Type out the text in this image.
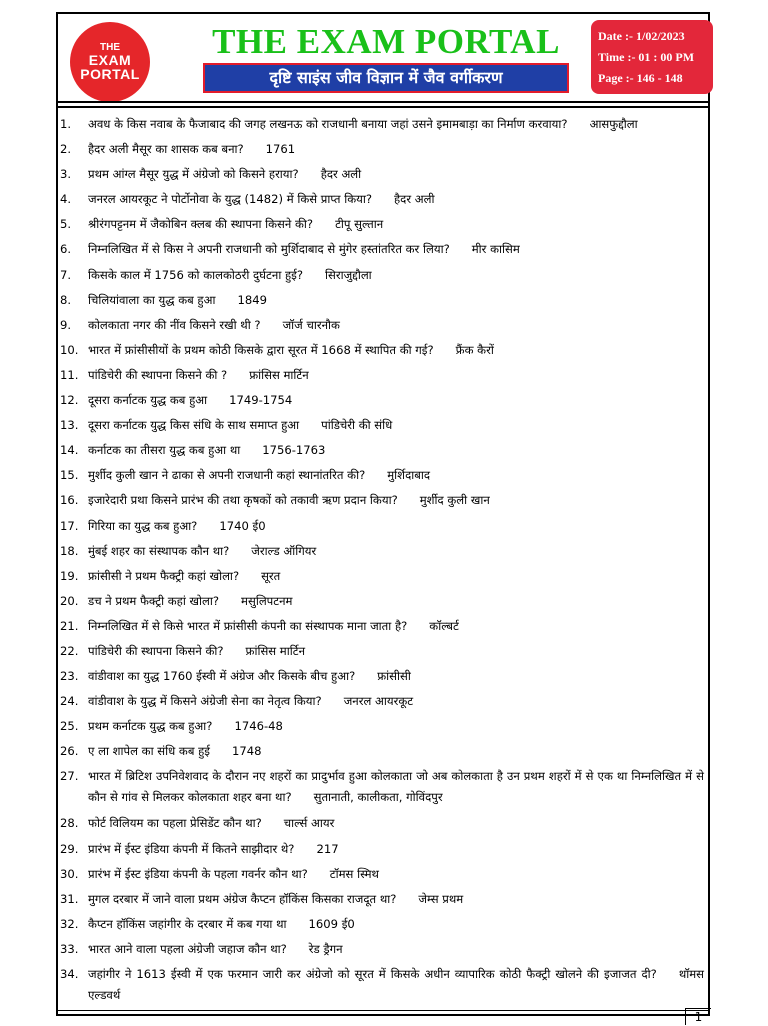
THE
EXAM
PORTAL
THE EXAM PORTAL
दृष्टि साइंस जीव विज्ञान में जैव वर्गीकरण
Date :- 1/02/2023
Time :- 01 : 00 PM
Page :- 146 - 148
1.	अवध के किस नवाब के फैजाबाद की जगह लखनऊ को राजधानी बनाया जहां उसने इमामबाड़ा का निर्माण करवाया? आसफुद्दौला
2.	हैदर अली मैसूर का शासक कब बना? 1761
3.	प्रथम आंग्ल मैसूर युद्ध में अंग्रेजो को किसने हराया? हैदर अली
4.	जनरल आयरकूट ने पोर्टोनोवा के युद्ध (1482) में किसे प्राप्त किया? हैदर अली
5.	श्रीरंगपट्टनम में जैकोबिन क्लब की स्थापना किसने की? टीपू सुल्तान
6.	निम्नलिखित में से किस ने अपनी राजधानी को मुर्शिदाबाद से मुंगेर हस्तांतरित कर लिया? मीर कासिम
7.	किसके काल में 1756 को कालकोठरी दुर्घटना हुई? सिराजुद्दौला
8.	चिलियांवाला का युद्ध कब हुआ 1849
9.	कोलकाता नगर की नींव किसने रखी थी ? जॉर्ज चारनौक
10. भारत में फ्रांसीसीयों के प्रथम कोठी किसके द्वारा सूरत में 1668 में स्थापित की गई? फ्रैंक कैरों
11. पांडिचेरी की स्थापना किसने की ? फ्रांसिस मार्टिन
12. दूसरा कर्नाटक युद्ध कब हुआ 1749-1754
13. दूसरा कर्नाटक युद्ध किस संधि के साथ समाप्त हुआ पांडिचेरी की संधि
14. कर्नाटक का तीसरा युद्ध कब हुआ था 1756-1763
15. मुर्शीद कुली खान ने ढाका से अपनी राजधानी कहां स्थानांतरित की? मुर्शिदाबाद
16. इजारेदारी प्रथा किसने प्रारंभ की तथा कृषकों को तकावी ऋण प्रदान किया? मुर्शीद कुली खान
17. गिरिया का युद्ध कब हुआ? 1740 ई0
18. मुंबई शहर का संस्थापक कौन था? जेराल्ड ऑगियर
19. फ्रांसीसी ने प्रथम फैक्ट्री कहां खोला? सूरत
20. डच ने प्रथम फैक्ट्री कहां खोला? मसुलिपटनम
21. निम्नलिखित में से किसे भारत में फ्रांसीसी कंपनी का संस्थापक माना जाता है? कॉल्बर्ट
22. पांडिचेरी की स्थापना किसने की? फ्रांसिस मार्टिन
23. वांडीवाश का युद्ध 1760 ईस्वी में अंग्रेज और किसके बीच हुआ? फ्रांसीसी
24. वांडीवाश के युद्ध में किसने अंग्रेजी सेना का नेतृत्व किया? जनरल आयरकूट
25. प्रथम कर्नाटक युद्ध कब हुआ? 1746-48
26. ए ला शापेल का संधि कब हुई 1748
27. भारत में ब्रिटिश उपनिवेशवाद के दौरान नए शहरों का प्रादुर्भाव हुआ कोलकाता जो अब कोलकाता है उन प्रथम शहरों में से एक था निम्नलिखित में से कौन से गांव से मिलकर कोलकाता शहर बना था? सुतानाती, कालीकता, गोविंदपुर
28. फोर्ट विलियम का पहला प्रेसिडेंट कौन था? चार्ल्स आयर
29. प्रारंभ में ईस्ट इंडिया कंपनी में कितने साझीदार थे? 217
30. प्रारंभ में ईस्ट इंडिया कंपनी के पहला गवर्नर कौन था? टॉमस स्मिथ
31. मुगल दरबार में जाने वाला प्रथम अंग्रेज कैप्टन हॉकिंस किसका राजदूत था? जेम्स प्रथम
32. कैप्टन हॉकिंस जहांगीर के दरबार में कब गया था 1609 ई0
33. भारत आने वाला पहला अंग्रेजी जहाज कौन था? रेड ड्रैगन
34. जहांगीर ने 1613 ईस्वी में एक फरमान जारी कर अंग्रेजो को सूरत में किसके अधीन व्यापारिक कोठी फैक्ट्री खोलने की इजाजत दी? थॉमस एल्डवर्थ
1
